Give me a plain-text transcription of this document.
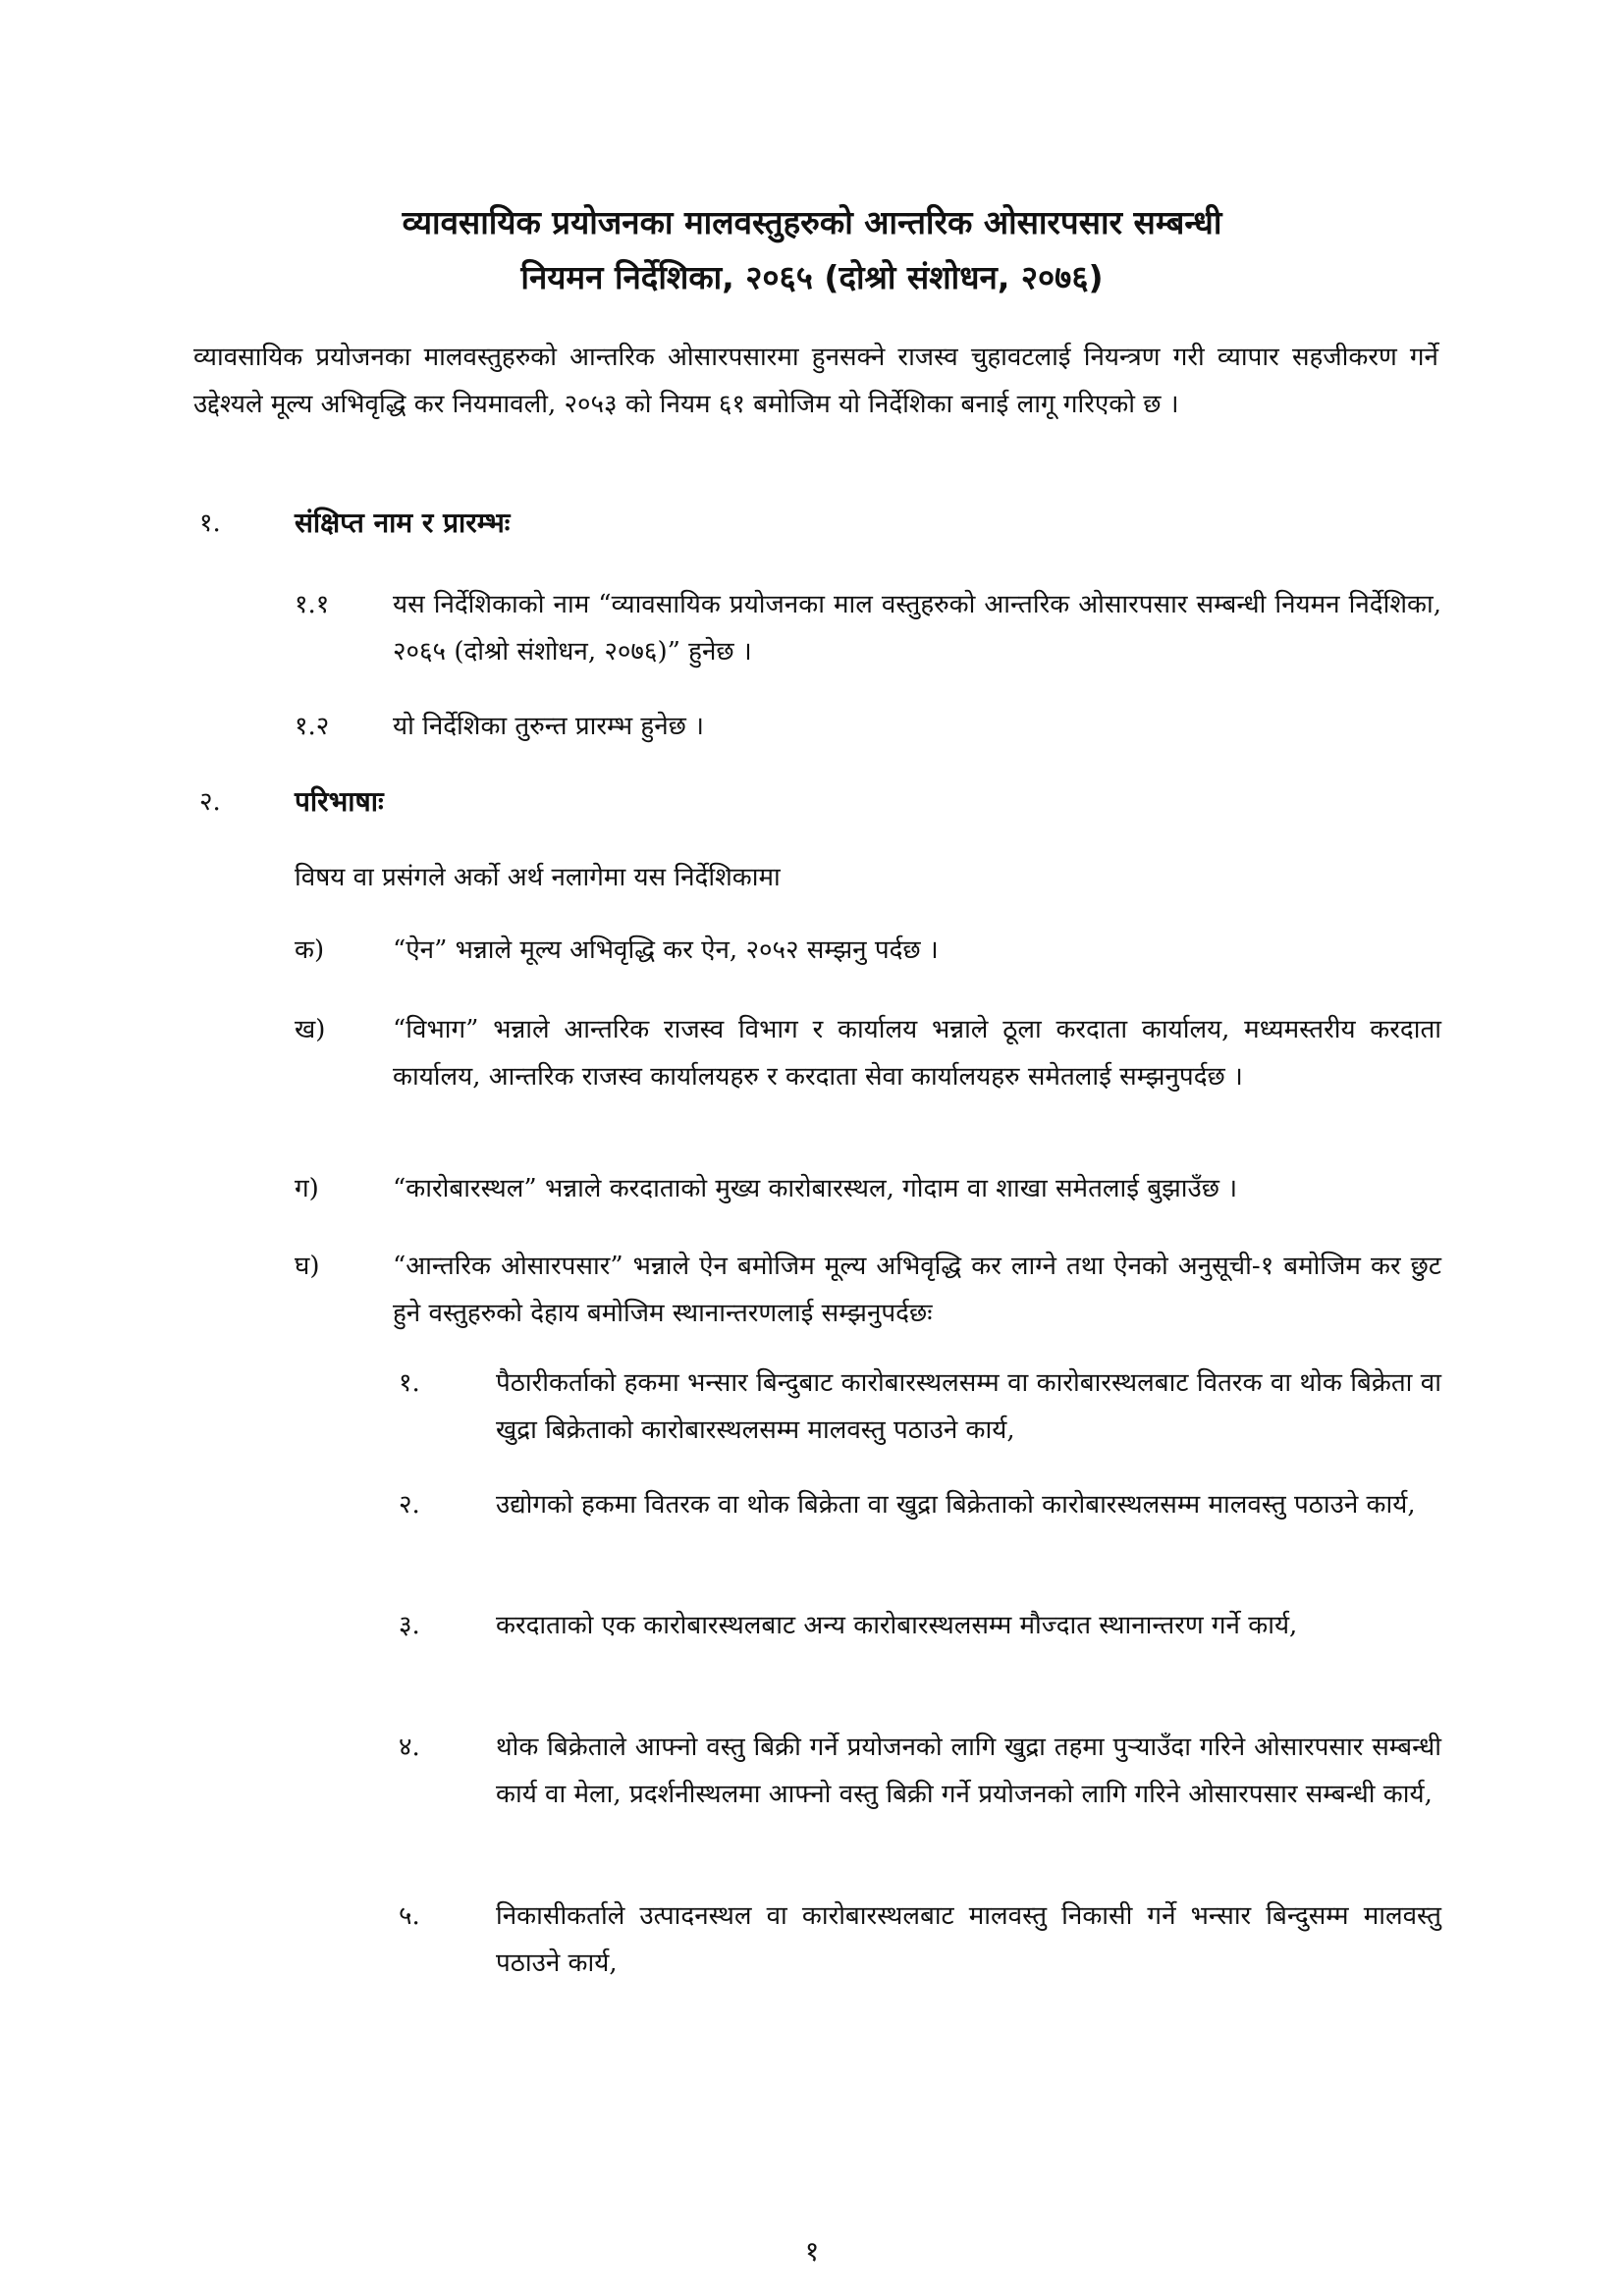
व्यावसायिक प्रयोजनका मालवस्तुहरुको आन्तरिक ओसारपसार सम्बन्धी
नियमन निर्देशिका, २०६५ (दोश्रो संशोधन, २०७६)
व्यावसायिक प्रयोजनका मालवस्तुहरुको आन्तरिक ओसारपसारमा हुनसक्ने राजस्व चुहावटलाई नियन्त्रण गरी व्यापार सहजीकरण गर्ने उद्देश्यले मूल्य अभिवृद्धि कर नियमावली, २०५३ को नियम ६१ बमोजिम यो निर्देशिका बनाई लागू गरिएको छ ।
१.	संक्षिप्त नाम र प्रारम्भः
१.१ यस निर्देशिकाको नाम “व्यावसायिक प्रयोजनका माल वस्तुहरुको आन्तरिक ओसारपसार सम्बन्धी नियमन निर्देशिका, २०६५ (दोश्रो संशोधन, २०७६)” हुनेछ ।
१.२ यो निर्देशिका तुरुन्त प्रारम्भ हुनेछ ।
२.	परिभाषाः
विषय वा प्रसंगले अर्को अर्थ नलागेमा यस निर्देशिकामा
क)	“ऐन” भन्नाले मूल्य अभिवृद्धि कर ऐन, २०५२ सम्झनु पर्दछ ।
ख)	“विभाग” भन्नाले आन्तरिक राजस्व विभाग र कार्यालय भन्नाले ठूला करदाता कार्यालय, मध्यमस्तरीय करदाता कार्यालय, आन्तरिक राजस्व कार्यालयहरु र करदाता सेवा कार्यालयहरु समेतलाई सम्झनुपर्दछ ।
ग)	“कारोबारस्थल” भन्नाले करदाताको मुख्य कारोबारस्थल, गोदाम वा शाखा समेतलाई बुझाउँछ ।
घ)	“आन्तरिक ओसारपसार” भन्नाले ऐन बमोजिम मूल्य अभिवृद्धि कर लाग्ने तथा ऐनको अनुसूची-१ बमोजिम कर छुट हुने वस्तुहरुको देहाय बमोजिम स्थानान्तरणलाई सम्झनुपर्दछः
१.	पैठारीकर्ताको हकमा भन्सार बिन्दुबाट कारोबारस्थलसम्म वा कारोबारस्थलबाट वितरक वा थोक बिक्रेता वा खुद्रा बिक्रेताको कारोबारस्थलसम्म मालवस्तु पठाउने कार्य,
२.	उद्योगको हकमा वितरक वा थोक बिक्रेता वा खुद्रा बिक्रेताको कारोबारस्थलसम्म मालवस्तु पठाउने कार्य,
३.	करदाताको एक कारोबारस्थलबाट अन्य कारोबारस्थलसम्म मौज्दात स्थानान्तरण गर्ने कार्य,
४.	थोक बिक्रेताले आफ्नो वस्तु बिक्री गर्ने प्रयोजनको लागि खुद्रा तहमा पुर्‍याउँदा गरिने ओसारपसार सम्बन्धी कार्य वा मेला, प्रदर्शनीस्थलमा आफ्नो वस्तु बिक्री गर्ने प्रयोजनको लागि गरिने ओसारपसार सम्बन्धी कार्य,
५.	निकासीकर्ताले उत्पादनस्थल वा कारोबारस्थलबाट मालवस्तु निकासी गर्ने भन्सार बिन्दुसम्म मालवस्तु पठाउने कार्य,
१
